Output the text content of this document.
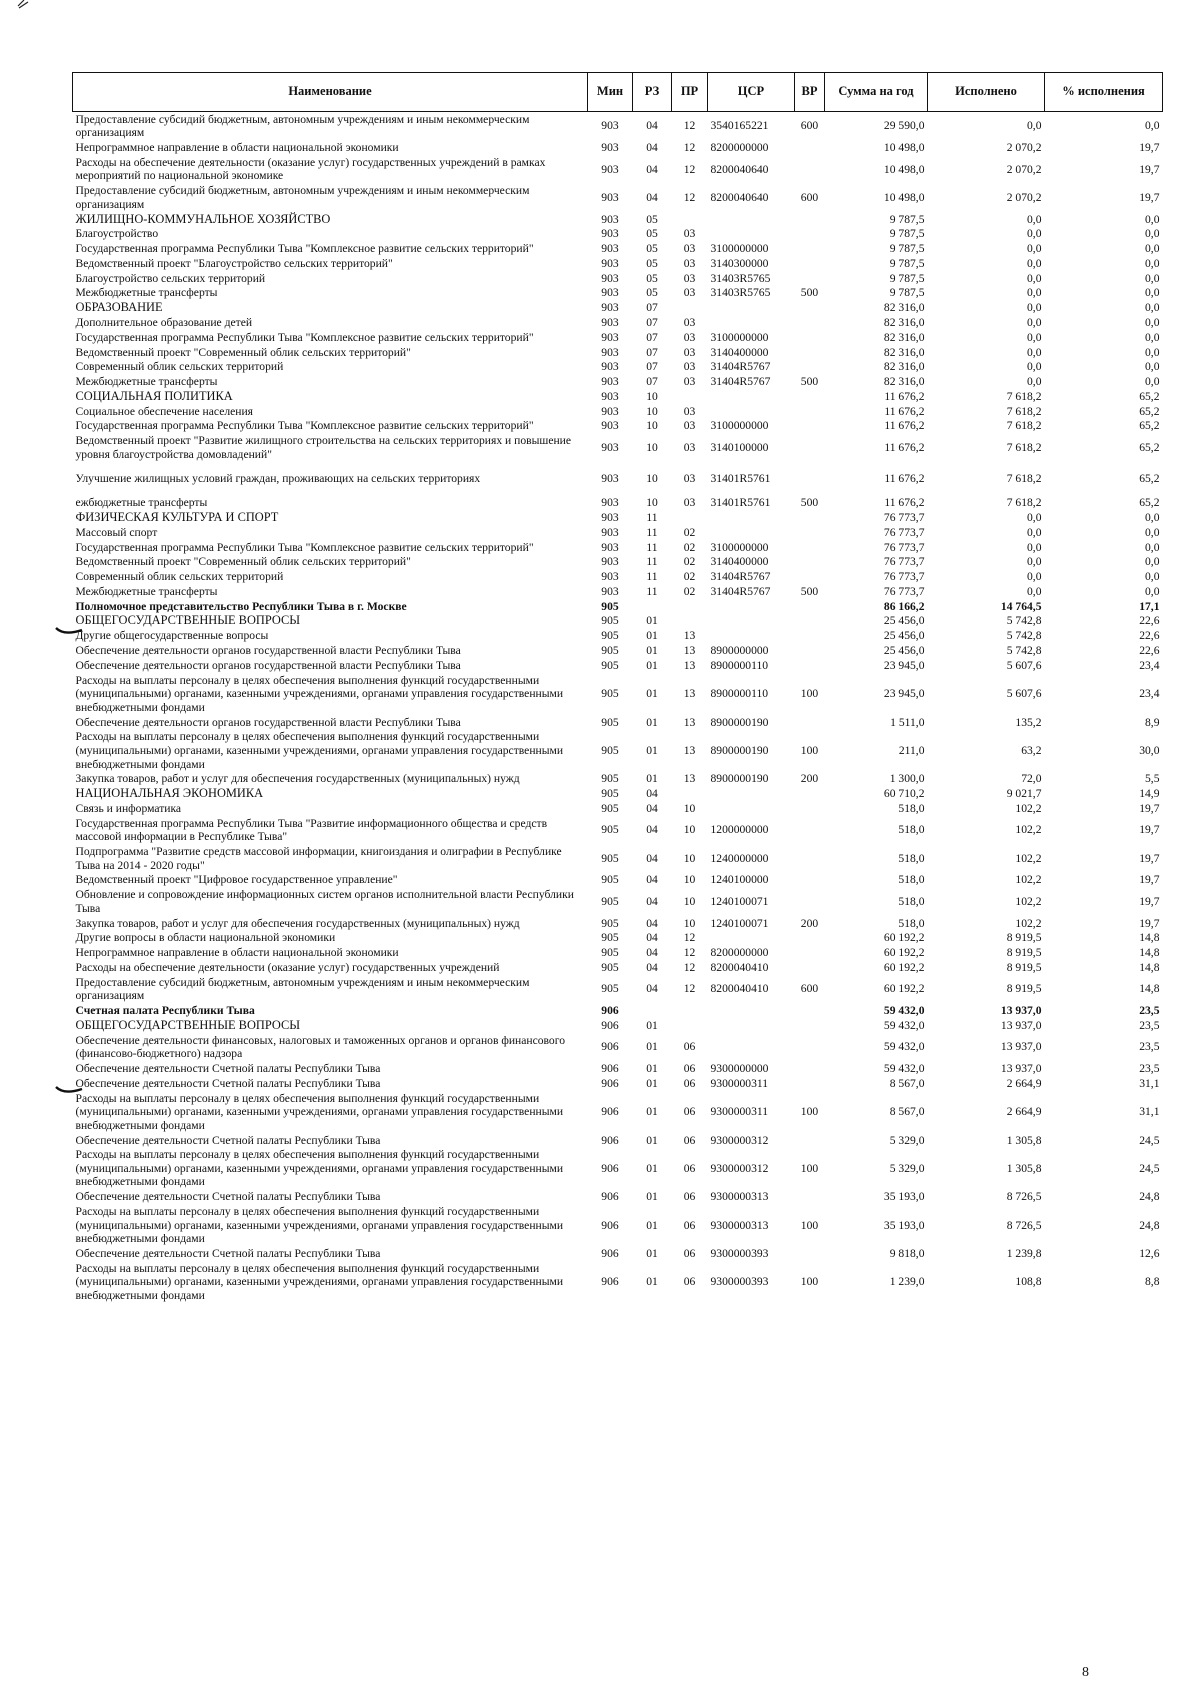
Наименование	Мин	РЗ	ПР	ЦСР	ВР	Сумма на год	Исполнено	% исполнения
Предоставление субсидий бюджетным, автономным учреждениям и иным некоммерческим организациям	903	04	12	3540165221	600	29 590,0	0,0	0,0
Непрограммное направление в области национальной экономики	903	04	12	8200000000		10 498,0	2 070,2	19,7
Расходы на обеспечение деятельности (оказание услуг) государственных учреждений в рамках мероприятий по национальной экономике	903	04	12	8200040640		10 498,0	2 070,2	19,7
Предоставление субсидий бюджетным, автономным учреждениям и иным некоммерческим организациям	903	04	12	8200040640	600	10 498,0	2 070,2	19,7
ЖИЛИЩНО-КОММУНАЛЬНОЕ ХОЗЯЙСТВО	903	05				9 787,5	0,0	0,0
Благоустройство	903	05	03			9 787,5	0,0	0,0
Государственная программа Республики Тыва "Комплексное развитие сельских территорий"	903	05	03	3100000000		9 787,5	0,0	0,0
Ведомственный проект "Благоустройство сельских территорий"	903	05	03	3140300000		9 787,5	0,0	0,0
Благоустройство сельских территорий	903	05	03	31403R5765		9 787,5	0,0	0,0
Межбюджетные трансферты	903	05	03	31403R5765	500	9 787,5	0,0	0,0
ОБРАЗОВАНИЕ	903	07				82 316,0	0,0	0,0
Дополнительное образование детей	903	07	03			82 316,0	0,0	0,0
Государственная программа Республики Тыва "Комплексное развитие сельских территорий"	903	07	03	3100000000		82 316,0	0,0	0,0
Ведомственный проект "Современный облик сельских территорий"	903	07	03	3140400000		82 316,0	0,0	0,0
Современный облик сельских территорий	903	07	03	31404R5767		82 316,0	0,0	0,0
Межбюджетные трансферты	903	07	03	31404R5767	500	82 316,0	0,0	0,0
СОЦИАЛЬНАЯ ПОЛИТИКА	903	10				11 676,2	7 618,2	65,2
Социальное обеспечение населения	903	10	03			11 676,2	7 618,2	65,2
Государственная программа Республики Тыва "Комплексное развитие сельских территорий"	903	10	03	3100000000		11 676,2	7 618,2	65,2
Ведомственный проект "Развитие жилищного строительства на сельских территориях и повышение уровня благоустройства домовладений"	903	10	03	3140100000		11 676,2	7 618,2	65,2
Улучшение жилищных условий граждан, проживающих на сельских территориях	903	10	03	31401R5761		11 676,2	7 618,2	65,2
ежбюджетные трансферты	903	10	03	31401R5761	500	11 676,2	7 618,2	65,2
ФИЗИЧЕСКАЯ КУЛЬТУРА И СПОРТ	903	11				76 773,7	0,0	0,0
Массовый спорт	903	11	02			76 773,7	0,0	0,0
Государственная программа Республики Тыва "Комплексное развитие сельских территорий"	903	11	02	3100000000		76 773,7	0,0	0,0
Ведомственный проект "Современный облик сельских территорий"	903	11	02	3140400000		76 773,7	0,0	0,0
Современный облик сельских территорий	903	11	02	31404R5767		76 773,7	0,0	0,0
Межбюджетные трансферты	903	11	02	31404R5767	500	76 773,7	0,0	0,0
Полномочное представительство Республики Тыва в г. Москве	905					86 166,2	14 764,5	17,1
ОБЩЕГОСУДАРСТВЕННЫЕ ВОПРОСЫ	905	01				25 456,0	5 742,8	22,6
Другие общегосударственные вопросы	905	01	13			25 456,0	5 742,8	22,6
Обеспечение деятельности органов государственной власти Республики Тыва	905	01	13	8900000000		25 456,0	5 742,8	22,6
Обеспечение деятельности органов государственной власти Республики Тыва	905	01	13	8900000110		23 945,0	5 607,6	23,4
Расходы на выплаты персоналу в целях обеспечения выполнения функций государственными (муниципальными) органами, казенными учреждениями, органами управления государственными внебюджетными фондами	905	01	13	8900000110	100	23 945,0	5 607,6	23,4
Обеспечение деятельности органов государственной власти Республики Тыва	905	01	13	8900000190		1 511,0	135,2	8,9
Расходы на выплаты персоналу в целях обеспечения выполнения функций государственными (муниципальными) органами, казенными учреждениями, органами управления государственными внебюджетными фондами	905	01	13	8900000190	100	211,0	63,2	30,0
Закупка товаров, работ и услуг для обеспечения государственных (муниципальных) нужд	905	01	13	8900000190	200	1 300,0	72,0	5,5
НАЦИОНАЛЬНАЯ ЭКОНОМИКА	905	04				60 710,2	9 021,7	14,9
Связь и информатика	905	04	10			518,0	102,2	19,7
Государственная программа Республики Тыва "Развитие информационного общества и средств массовой информации в Республике Тыва"	905	04	10	1200000000		518,0	102,2	19,7
Подпрограмма "Развитие средств массовой информации, книгоиздания и олиграфии в Республике Тыва на 2014 - 2020 годы"	905	04	10	1240000000		518,0	102,2	19,7
Ведомственный проект "Цифровое государственное управление"	905	04	10	1240100000		518,0	102,2	19,7
Обновление и сопровождение информационных систем органов исполнительной власти Республики Тыва	905	04	10	1240100071		518,0	102,2	19,7
Закупка товаров, работ и услуг для обеспечения государственных (муниципальных) нужд	905	04	10	1240100071	200	518,0	102,2	19,7
Другие вопросы в области национальной экономики	905	04	12			60 192,2	8 919,5	14,8
Непрограммное направление в области национальной экономики	905	04	12	8200000000		60 192,2	8 919,5	14,8
Расходы на обеспечение деятельности (оказание услуг) государственных учреждений	905	04	12	8200040410		60 192,2	8 919,5	14,8
Предоставление субсидий бюджетным, автономным учреждениям и иным некоммерческим организациям	905	04	12	8200040410	600	60 192,2	8 919,5	14,8
Счетная палата Республики Тыва	906					59 432,0	13 937,0	23,5
ОБЩЕГОСУДАРСТВЕННЫЕ ВОПРОСЫ	906	01				59 432,0	13 937,0	23,5
Обеспечение деятельности финансовых, налоговых и таможенных органов и органов финансового (финансово-бюджетного) надзора	906	01	06			59 432,0	13 937,0	23,5
Обеспечение деятельности Счетной палаты Республики Тыва	906	01	06	9300000000		59 432,0	13 937,0	23,5
Обеспечение деятельности Счетной палаты Республики Тыва	906	01	06	9300000311		8 567,0	2 664,9	31,1
Расходы на выплаты персоналу в целях обеспечения выполнения функций государственными (муниципальными) органами, казенными учреждениями, органами управления государственными внебюджетными фондами	906	01	06	9300000311	100	8 567,0	2 664,9	31,1
Обеспечение деятельности Счетной палаты Республики Тыва	906	01	06	9300000312		5 329,0	1 305,8	24,5
Расходы на выплаты персоналу в целях обеспечения выполнения функций государственными (муниципальными) органами, казенными учреждениями, органами управления государственными внебюджетными фондами	906	01	06	9300000312	100	5 329,0	1 305,8	24,5
Обеспечение деятельности Счетной палаты Республики Тыва	906	01	06	9300000313		35 193,0	8 726,5	24,8
Расходы на выплаты персоналу в целях обеспечения выполнения функций государственными (муниципальными) органами, казенными учреждениями, органами управления государственными внебюджетными фондами	906	01	06	9300000313	100	35 193,0	8 726,5	24,8
Обеспечение деятельности Счетной палаты Республики Тыва	906	01	06	9300000393		9 818,0	1 239,8	12,6
Расходы на выплаты персоналу в целях обеспечения выполнения функций государственными (муниципальными) органами, казенными учреждениями, органами управления государственными внебюджетными фондами	906	01	06	9300000393	100	1 239,0	108,8	8,8
8
